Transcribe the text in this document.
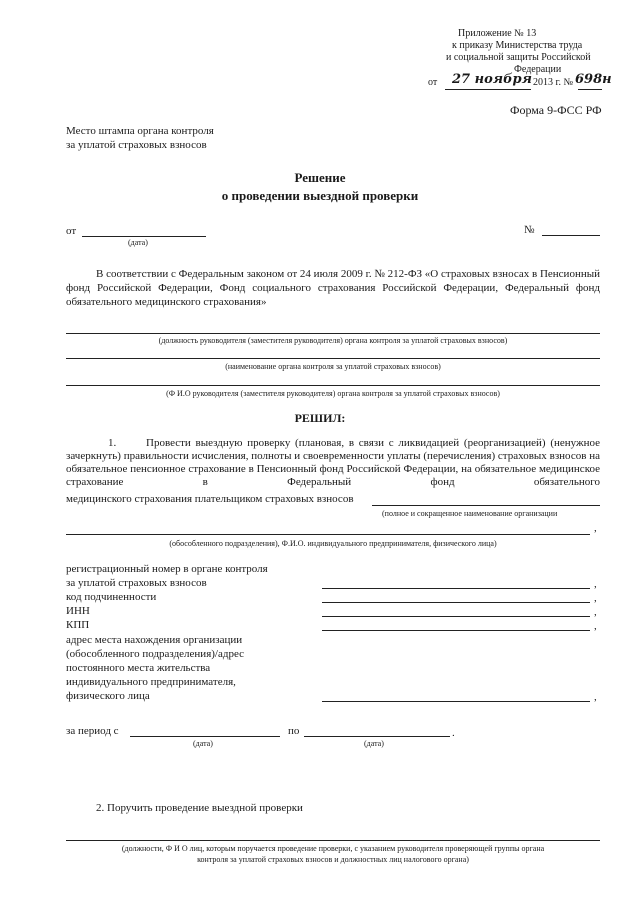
Приложение № 13
к приказу Министерства труда
и социальной защиты Российской
Федерации
от 27 ноября 2013 г. № 698н
Форма 9-ФСС РФ
Место штампа органа контроля
за уплатой страховых взносов
Решение
о проведении выездной проверки
от
(дата)
№
В соответствии с Федеральным законом от 24 июля 2009 г. № 212-ФЗ «О страховых взносах в Пенсионный фонд Российской Федерации, Фонд социального страхования Российской Федерации, Федеральный фонд обязательного медицинского страхования»
(должность руководителя (заместителя руководителя) органа контроля за уплатой страховых взносов)
(наименование органа контроля за уплатой страховых взносов)
(Ф И.О руководителя (заместителя руководителя) органа контроля за уплатой страховых взносов)
РЕШИЛ:
1.	Провести выездную проверку (плановая, в связи с ликвидацией (реорганизацией) (ненужное зачеркнуть) правильности исчисления, полноты и своевременности уплаты (перечисления) страховых взносов на обязательное пенсионное страхование в Пенсионный фонд Российской Федерации, на обязательное медицинское страхование в Федеральный фонд обязательного
медицинского страхования плательщиком страховых взносов
(полное и сокращенное наименование организации
,
(обособленного подразделения), Ф.И.О. индивидуального предпринимателя, физического лица)
регистрационный номер в органе контроля
за уплатой страховых взносов	,
код подчиненности	,
ИНН	,
КПП	,
адрес места нахождения организации
(обособленного подразделения)/адрес
постоянного места жительства
индивидуального предпринимателя,
физического лица	,
за период с
(дата)
по	.
(дата)
2. Поручить проведение выездной проверки
(должности, Ф И О лиц, которым поручается проведение проверки, с указанием руководителя проверяющей группы органа
контроля за уплатой страховых взносов и должностных лиц налогового органа)
